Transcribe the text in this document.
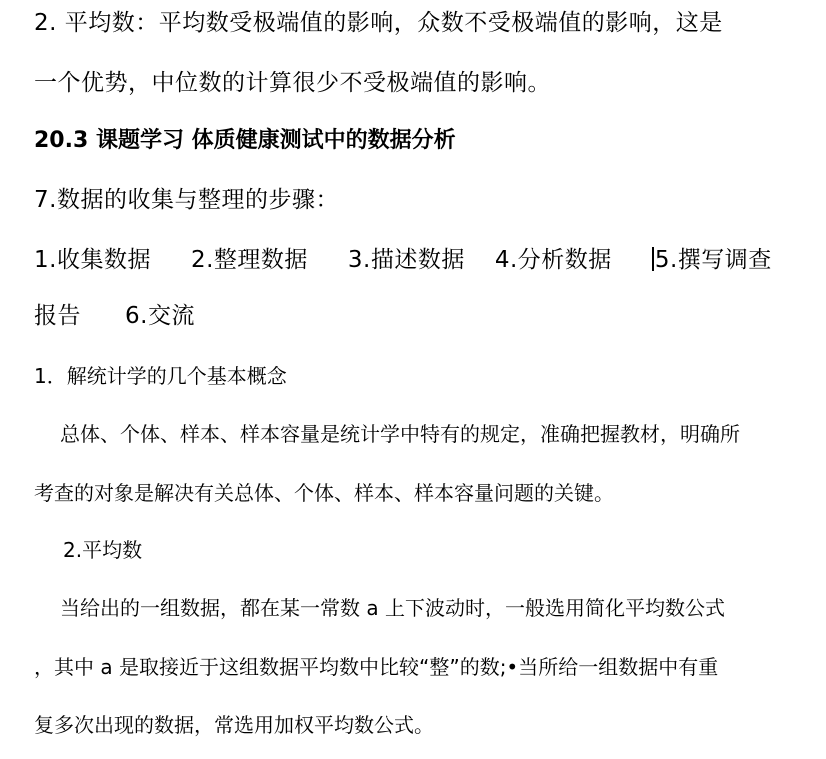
2. 平均数：平均数受极端值的影响，众数不受极端值的影响，这是
一个优势，中位数的计算很少不受极端值的影响。
20.3 课题学习 体质健康测试中的数据分析
7.数据的收集与整理的步骤：
1.收集数据 2.整理数据 3.描述数据 4.分析数据 5.撰写调查
报告 6.交流
1．解统计学的几个基本概念
总体、个体、样本、样本容量是统计学中特有的规定，准确把握教材，明确所
考查的对象是解决有关总体、个体、样本、样本容量问题的关键。
2.平均数
当给出的一组数据，都在某一常数 a 上下波动时，一般选用简化平均数公式
，其中 a 是取接近于这组数据平均数中比较“整”的数;•当所给一组数据中有重
复多次出现的数据，常选用加权平均数公式。
